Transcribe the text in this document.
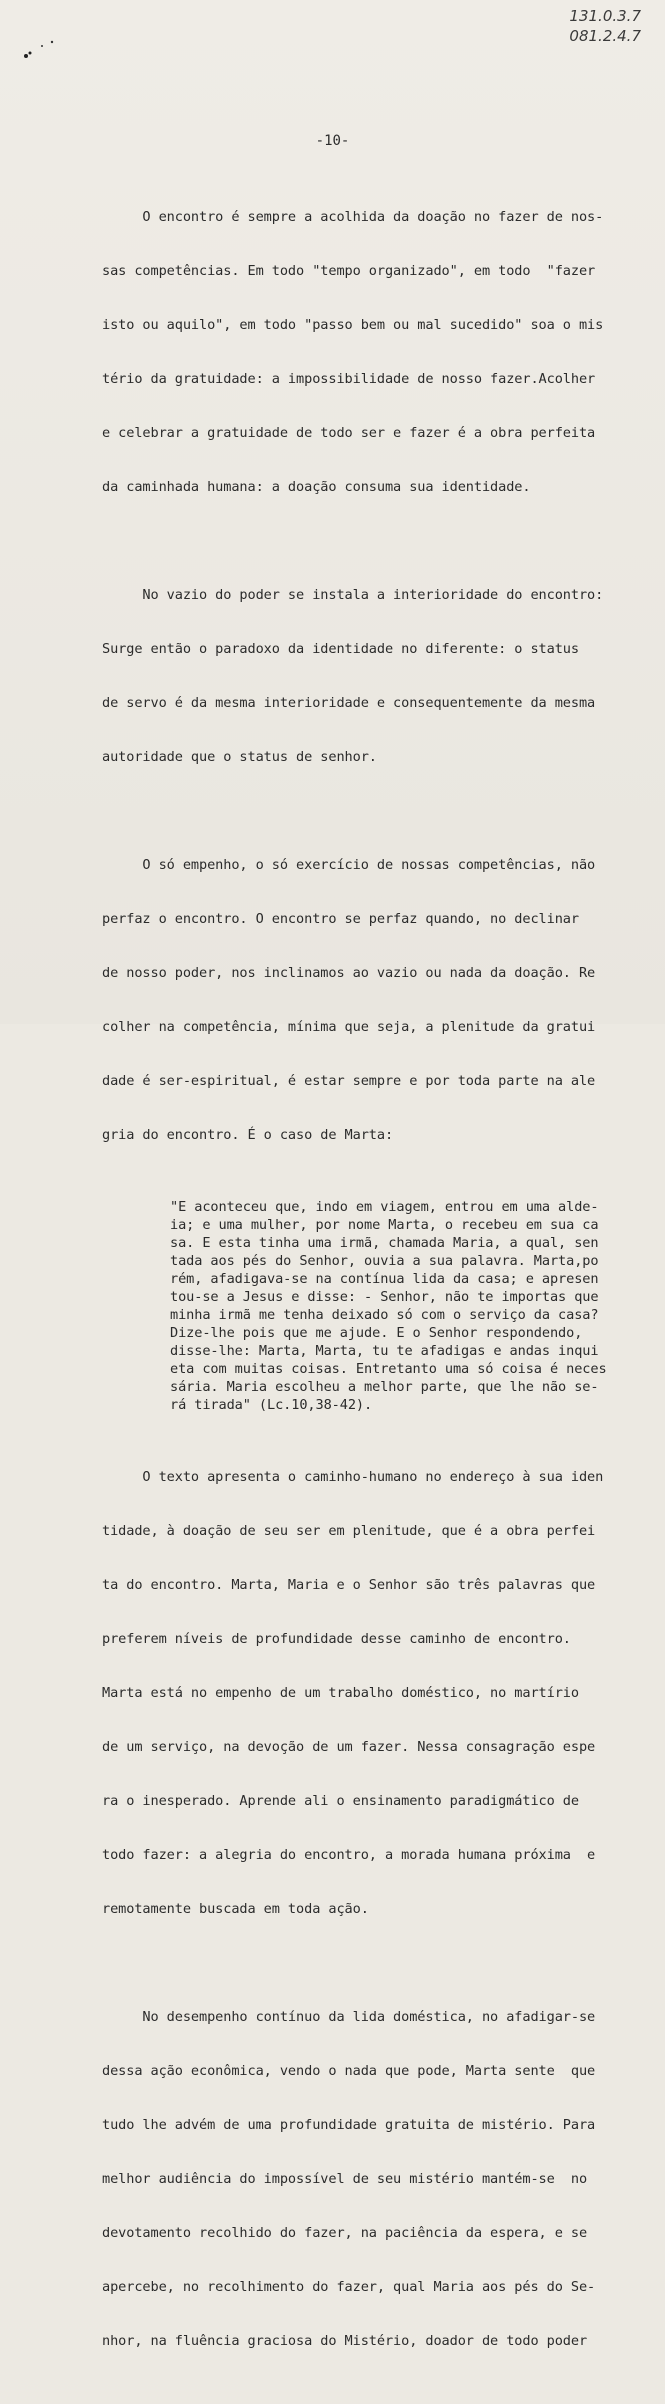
131.0.3.7
081.2.4.7
-10-

O encontro é sempre a acolhida da doação no fazer de nos-

sas competências. Em todo "tempo organizado", em todo  "fazer

isto ou aquilo", em todo "passo bem ou mal sucedido" soa o mis

tério da gratuidade: a impossibilidade de nosso fazer.Acolher

e celebrar a gratuidade de todo ser e fazer é a obra perfeita

da caminhada humana: a doação consuma sua identidade.

No vazio do poder se instala a interioridade do encontro:

Surge então o paradoxo da identidade no diferente: o status

de servo é da mesma interioridade e consequentemente da mesma

autoridade que o status de senhor.

O só empenho, o só exercício de nossas competências, não

perfaz o encontro. O encontro se perfaz quando, no declinar

de nosso poder, nos inclinamos ao vazio ou nada da doação. Re

colher na competência, mínima que seja, a plenitude da gratui

dade é ser-espiritual, é estar sempre e por toda parte na ale

gria do encontro. É o caso de Marta:

"E aconteceu que, indo em viagem, entrou em uma alde-
ia; e uma mulher, por nome Marta, o recebeu em sua ca
sa. E esta tinha uma irmã, chamada Maria, a qual, sen
tada aos pés do Senhor, ouvia a sua palavra. Marta,po
rém, afadigava-se na contínua lida da casa; e apresen
tou-se a Jesus e disse: - Senhor, não te importas que
minha irmã me tenha deixado só com o serviço da casa?
Dize-lhe pois que me ajude. E o Senhor respondendo,
disse-lhe: Marta, Marta, tu te afadigas e andas inqui
eta com muitas coisas. Entretanto uma só coisa é neces
sária. Maria escolheu a melhor parte, que lhe não se-
rá tirada" (Lc.10,38-42).

O texto apresenta o caminho-humano no endereço à sua iden

tidade, à doação de seu ser em plenitude, que é a obra perfei

ta do encontro. Marta, Maria e o Senhor são três palavras que

preferem níveis de profundidade desse caminho de encontro.

Marta está no empenho de um trabalho doméstico, no martírio

de um serviço, na devoção de um fazer. Nessa consagração espe

ra o inesperado. Aprende ali o ensinamento paradigmático de

todo fazer: a alegria do encontro, a morada humana próxima  e

remotamente buscada em toda ação.

No desempenho contínuo da lida doméstica, no afadigar-se

dessa ação econômica, vendo o nada que pode, Marta sente  que

tudo lhe advém de uma profundidade gratuita de mistério. Para

melhor audiência do impossível de seu mistério mantém-se  no

devotamento recolhido do fazer, na paciência da espera, e se

apercebe, no recolhimento do fazer, qual Maria aos pés do Se-

nhor, na fluência graciosa do Mistério, doador de todo poder
